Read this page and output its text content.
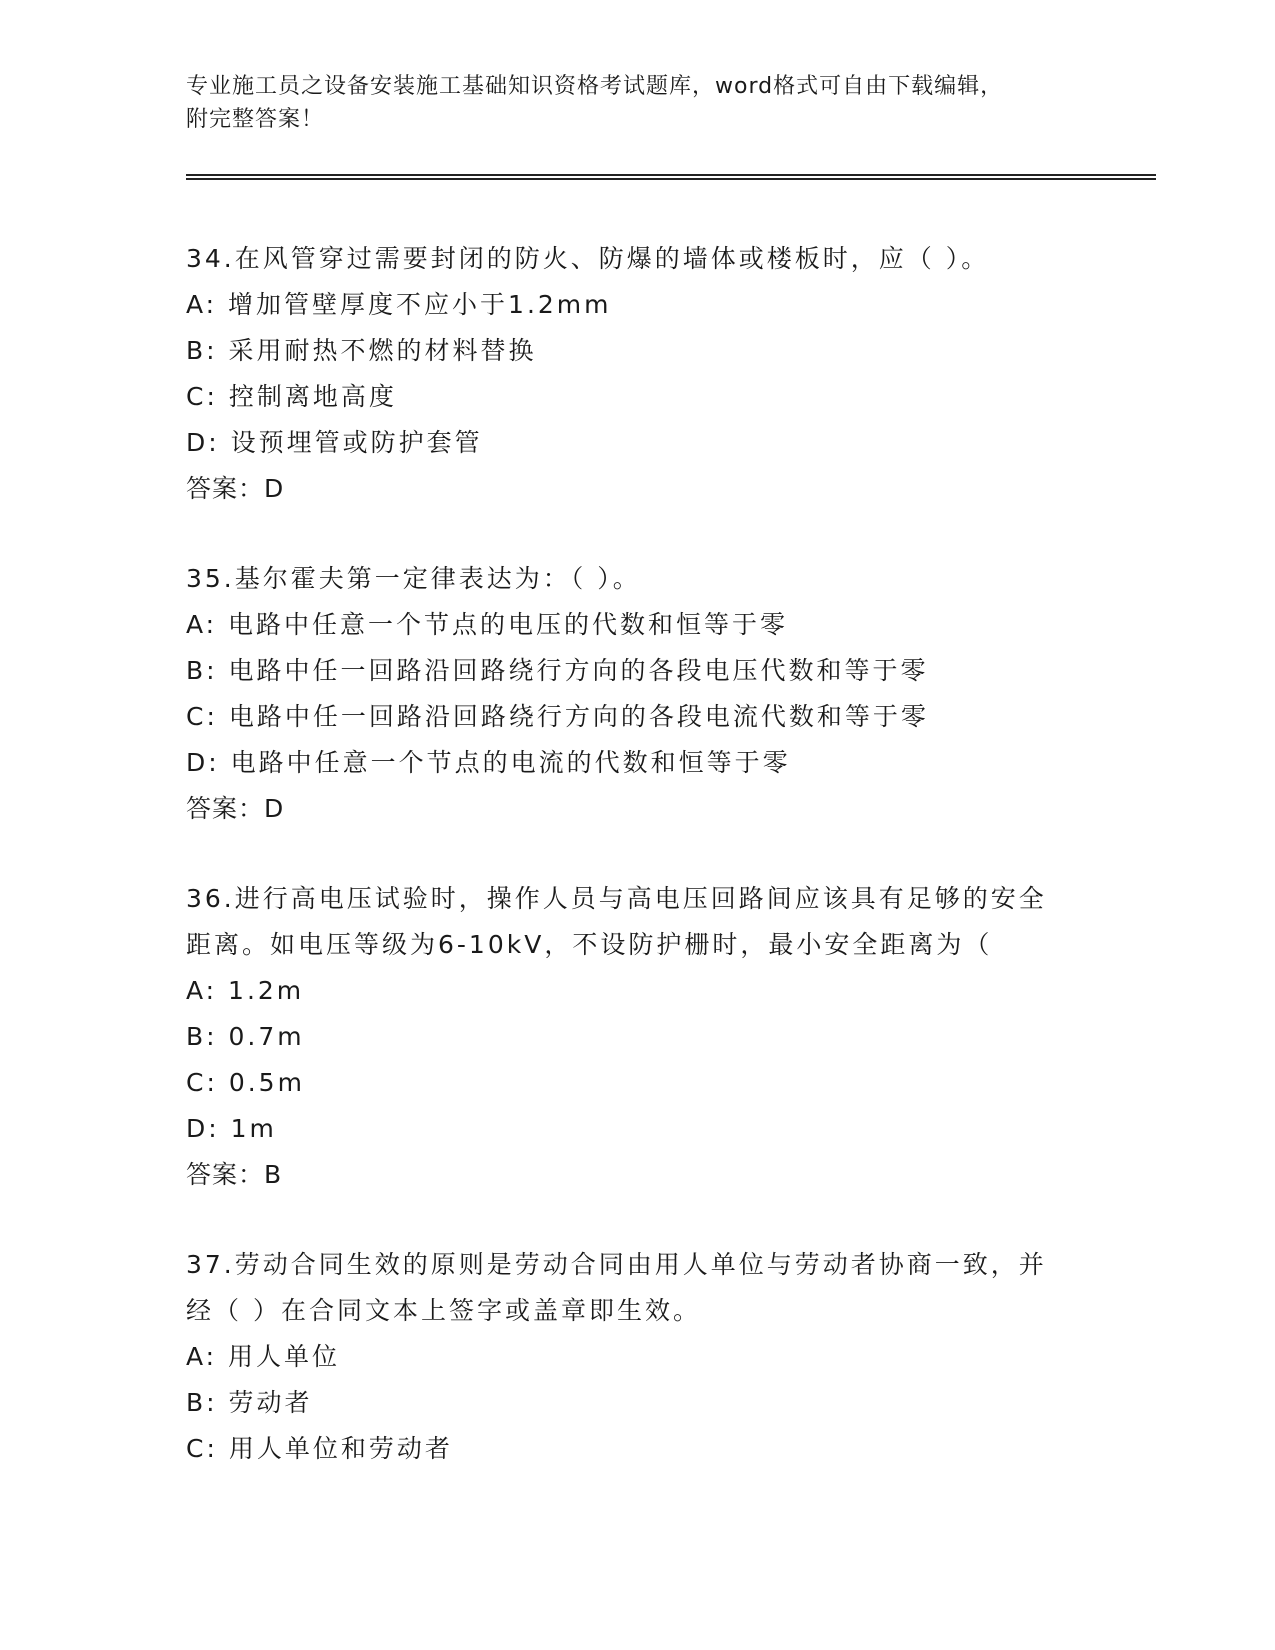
专业施工员之设备安装施工基础知识资格考试题库，word格式可自由下载编辑，

附完整答案！

34.在风管穿过需要封闭的防火、防爆的墙体或楼板时，应（ ）。

A: 增加管壁厚度不应小于1.2mm

B: 采用耐热不燃的材料替换

C: 控制离地高度

D: 设预埋管或防护套管

答案：D

35.基尔霍夫第一定律表达为：（ ）。

A: 电路中任意一个节点的电压的代数和恒等于零

B: 电路中任一回路沿回路绕行方向的各段电压代数和等于零

C: 电路中任一回路沿回路绕行方向的各段电流代数和等于零

D: 电路中任意一个节点的电流的代数和恒等于零

答案：D

36.进行高电压试验时，操作人员与高电压回路间应该具有足够的安全

距离。如电压等级为6-10kV，不设防护栅时，最小安全距离为（

A: 1.2m

B: 0.7m

C: 0.5m

D: 1m

答案：B

37.劳动合同生效的原则是劳动合同由用人单位与劳动者协商一致，并

经（ ）在合同文本上签字或盖章即生效。

A: 用人单位

B: 劳动者

C: 用人单位和劳动者
